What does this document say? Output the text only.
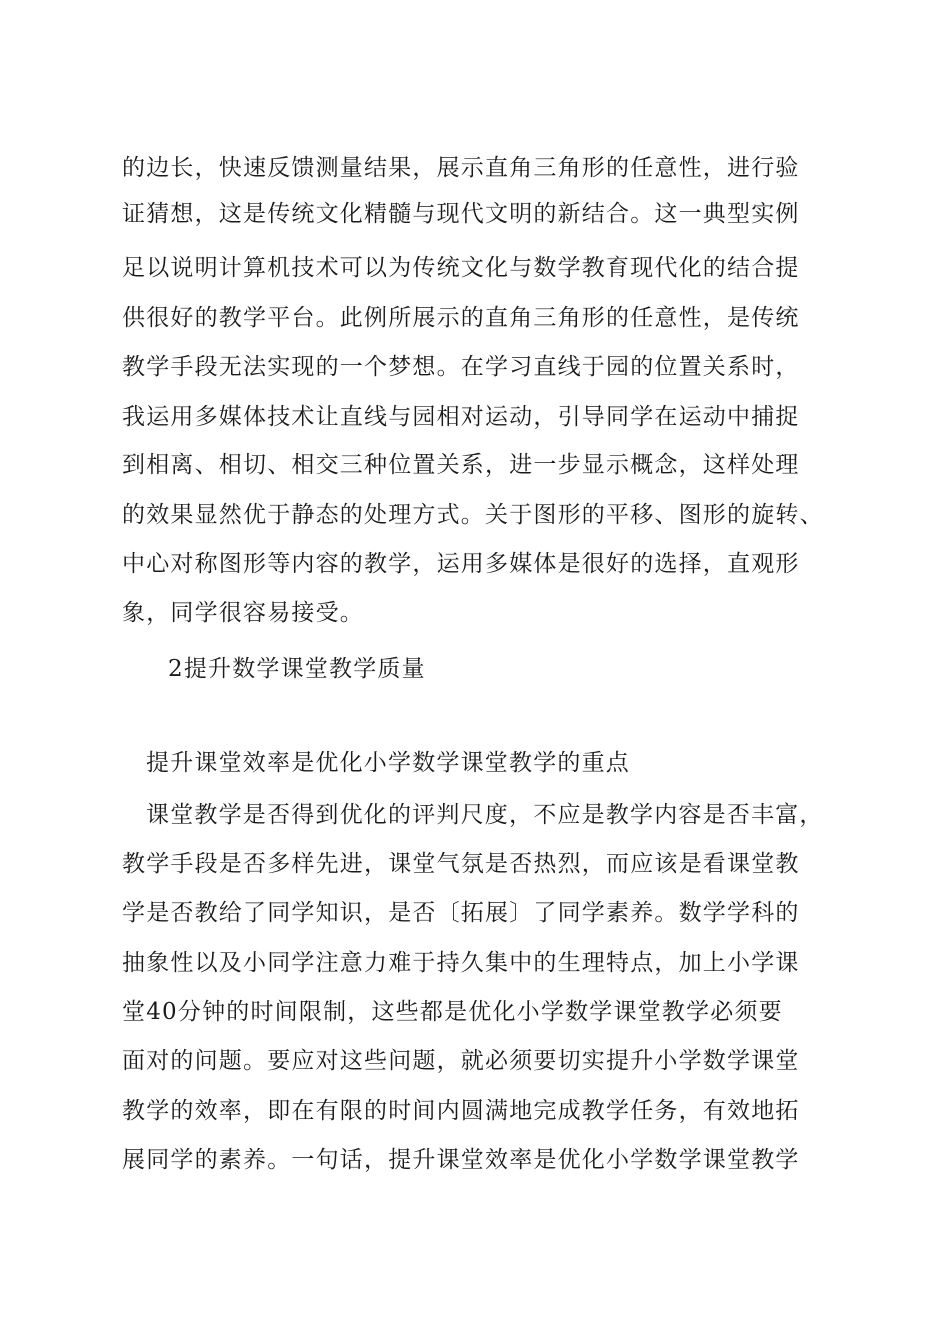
的边长，快速反馈测量结果，展示直角三角形的任意性，进行验
证猜想，这是传统文化精髓与现代文明的新结合。这一典型实例
足以说明计算机技术可以为传统文化与数学教育现代化的结合提
供很好的教学平台。此例所展示的直角三角形的任意性，是传统
教学手段无法实现的一个梦想。在学习直线于园的位置关系时，
我运用多媒体技术让直线与园相对运动，引导同学在运动中捕捉
到相离、相切、相交三种位置关系，进一步显示概念，这样处理
的效果显然优于静态的处理方式。关于图形的平移、图形的旋转、
中心对称图形等内容的教学，运用多媒体是很好的选择，直观形
象，同学很容易接受。
2提升数学课堂教学质量
提升课堂效率是优化小学数学课堂教学的重点
课堂教学是否得到优化的评判尺度，不应是教学内容是否丰富，
教学手段是否多样先进，课堂气氛是否热烈，而应该是看课堂教
学是否教给了同学知识，是否〔拓展〕了同学素养。数学学科的
抽象性以及小同学注意力难于持久集中的生理特点，加上小学课
堂40分钟的时间限制，这些都是优化小学数学课堂教学必须要
面对的问题。要应对这些问题，就必须要切实提升小学数学课堂
教学的效率，即在有限的时间内圆满地完成教学任务，有效地拓
展同学的素养。一句话，提升课堂效率是优化小学数学课堂教学
